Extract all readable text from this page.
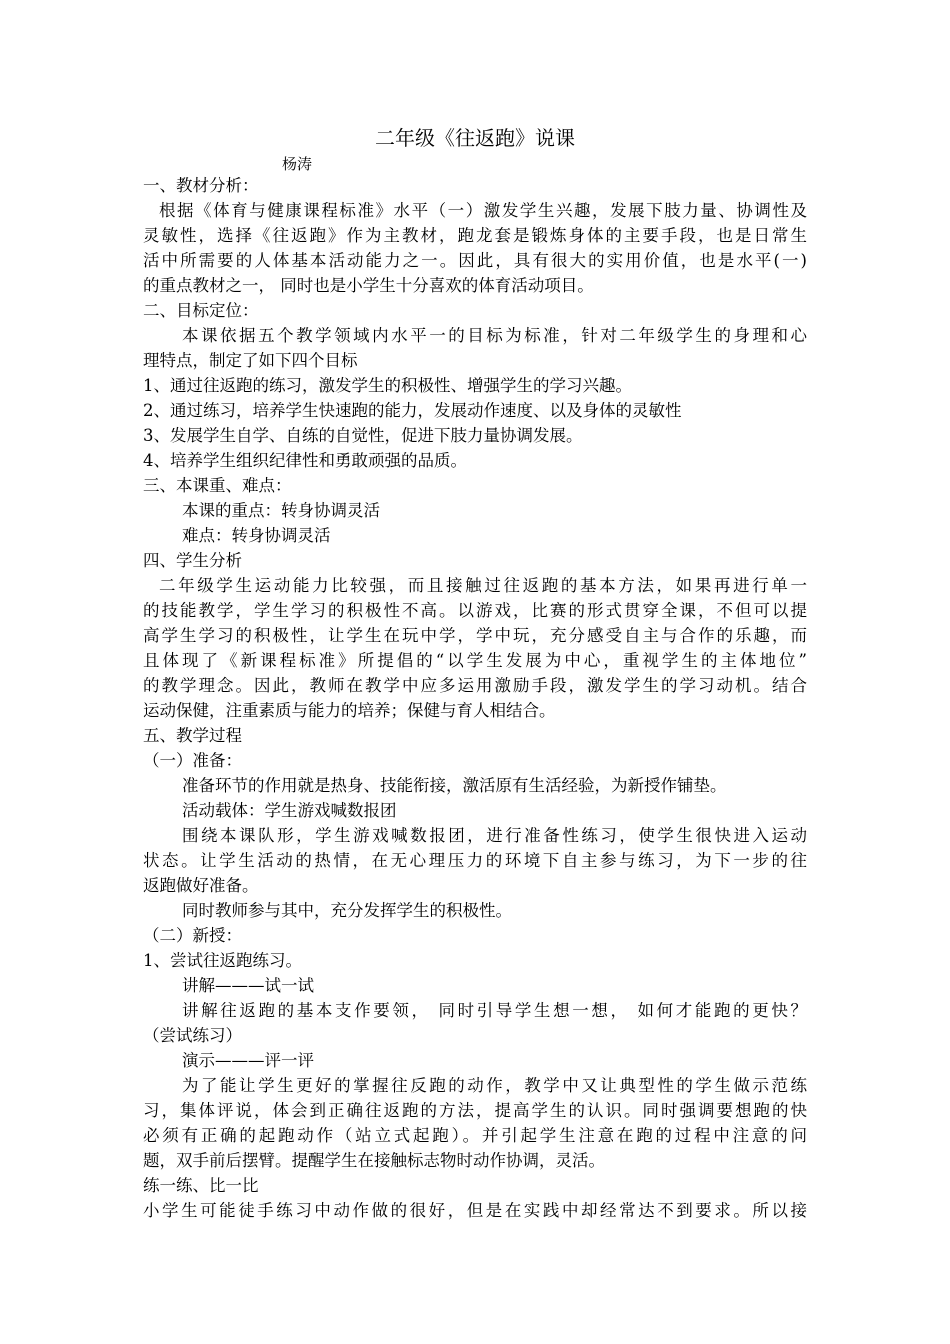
二年级《往返跑》说课
杨涛
一、教材分析：
根据《体育与健康课程标准》水平（一）激发学生兴趣，发展下肢力量、协调性及
灵敏性，选择《往返跑》作为主教材，跑龙套是锻炼身体的主要手段，也是日常生
活中所需要的人体基本活动能力之一。因此，具有很大的实用价值，也是水平(一)
的重点教材之一， 同时也是小学生十分喜欢的体育活动项目。
二、目标定位：
本课依据五个教学领域内水平一的目标为标准，针对二年级学生的身理和心
理特点，制定了如下四个目标
1、通过往返跑的练习，激发学生的积极性、增强学生的学习兴趣。
2、通过练习，培养学生快速跑的能力，发展动作速度、以及身体的灵敏性
3、发展学生自学、自练的自觉性，促进下肢力量协调发展。
4、培养学生组织纪律性和勇敢顽强的品质。
三、本课重、难点：
本课的重点：转身协调灵活
难点：转身协调灵活
四、学生分析
二年级学生运动能力比较强，而且接触过往返跑的基本方法，如果再进行单一
的技能教学，学生学习的积极性不高。以游戏，比赛的形式贯穿全课，不但可以提
高学生学习的积极性，让学生在玩中学，学中玩，充分感受自主与合作的乐趣，而
且体现了《新课程标准》所提倡的“以学生发展为中心，重视学生的主体地位”
的教学理念。因此，教师在教学中应多运用激励手段，激发学生的学习动机。结合
运动保健，注重素质与能力的培养；保健与育人相结合。
五、教学过程
（一）准备：
准备环节的作用就是热身、技能衔接，激活原有生活经验，为新授作铺垫。
活动载体：学生游戏喊数报团
围绕本课队形，学生游戏喊数报团，进行准备性练习，使学生很快进入运动
状态。让学生活动的热情，在无心理压力的环境下自主参与练习，为下一步的往
返跑做好准备。
同时教师参与其中，充分发挥学生的积极性。
（二）新授：
1、尝试往返跑练习。
讲解———试一试
讲解往返跑的基本支作要领， 同时引导学生想一想， 如何才能跑的更快？
（尝试练习）
演示———评一评
为了能让学生更好的掌握往反跑的动作，教学中又让典型性的学生做示范练
习，集体评说，体会到正确往返跑的方法，提高学生的认识。同时强调要想跑的快
必须有正确的起跑动作（站立式起跑）。并引起学生注意在跑的过程中注意的问
题，双手前后摆臂。提醒学生在接触标志物时动作协调，灵活。
练一练、比一比
小学生可能徒手练习中动作做的很好，但是在实践中却经常达不到要求。所以接
